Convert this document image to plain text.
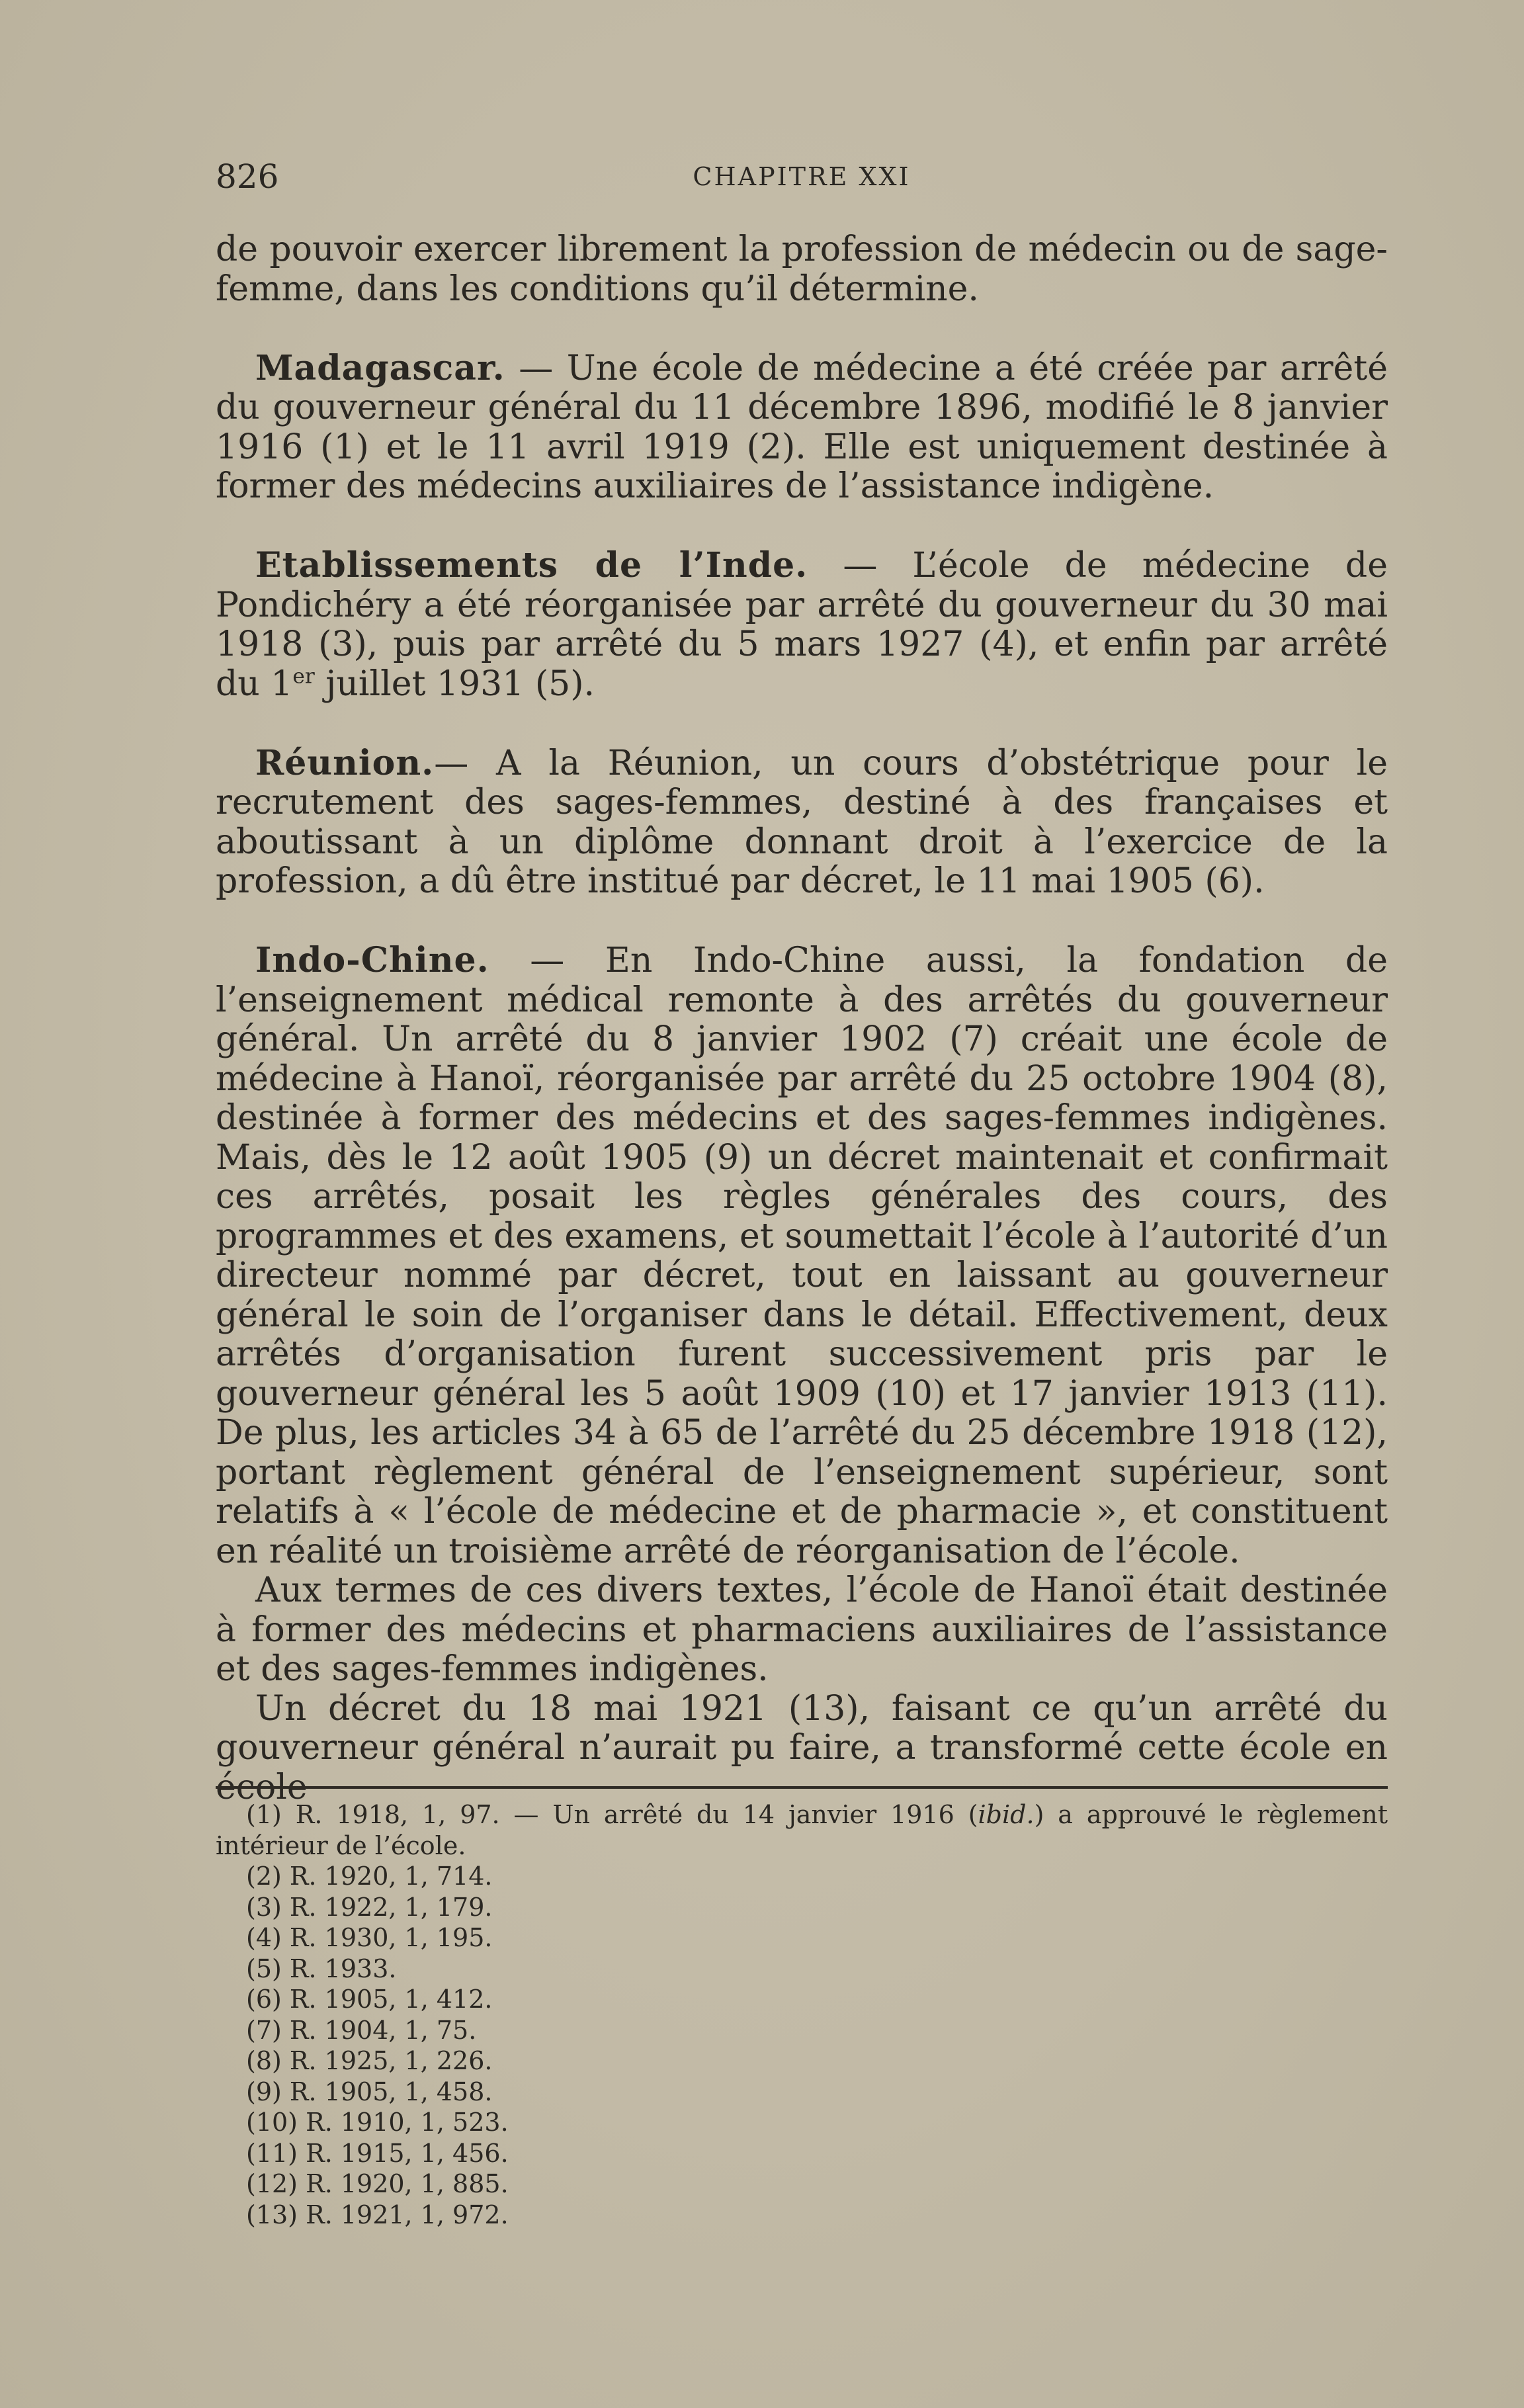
826	CHAPITRE XXI

de pouvoir exercer librement la profession de médecin ou de sage-femme, dans les conditions qu’il détermine.

Madagascar. — Une école de médecine a été créée par arrêté du gouverneur général du 11 décembre 1896, modifié le 8 janvier 1916 (1) et le 11 avril 1919 (2). Elle est uniquement destinée à former des médecins auxiliaires de l’assistance indigène.

Etablissements de l’Inde. — L’école de médecine de Pondichéry a été réorganisée par arrêté du gouverneur du 30 mai 1918 (3), puis par arrêté du 5 mars 1927 (4), et enfin par arrêté du 1er juillet 1931 (5).

Réunion.— A la Réunion, un cours d’obstétrique pour le recrutement des sages-femmes, destiné à des françaises et aboutissant à un diplôme donnant droit à l’exercice de la profession, a dû être institué par décret, le 11 mai 1905 (6).

Indo-Chine. — En Indo-Chine aussi, la fondation de l’enseignement médical remonte à des arrêtés du gouverneur général. Un arrêté du 8 janvier 1902 (7) créait une école de médecine à Hanoï, réorganisée par arrêté du 25 octobre 1904 (8), destinée à former des médecins et des sages-femmes indigènes. Mais, dès le 12 août 1905 (9) un décret maintenait et confirmait ces arrêtés, posait les règles générales des cours, des programmes et des examens, et soumettait l’école à l’autorité d’un directeur nommé par décret, tout en laissant au gouverneur général le soin de l’organiser dans le détail. Effectivement, deux arrêtés d’organisation furent successivement pris par le gouverneur général les 5 août 1909 (10) et 17 janvier 1913 (11). De plus, les articles 34 à 65 de l’arrêté du 25 décembre 1918 (12), portant règlement général de l’enseignement supérieur, sont relatifs à « l’école de médecine et de pharmacie », et constituent en réalité un troisième arrêté de réorganisation de l’école.

Aux termes de ces divers textes, l’école de Hanoï était destinée à former des médecins et pharmaciens auxiliaires de l’assistance et des sages-femmes indigènes.

Un décret du 18 mai 1921 (13), faisant ce qu’un arrêté du gouverneur général n’aurait pu faire, a transformé cette école en école

(1) R. 1918, 1, 97. — Un arrêté du 14 janvier 1916 (ibid.) a approuvé le règlement intérieur de l’école.

(2) R. 1920, 1, 714.

(3) R. 1922, 1, 179.

(4) R. 1930, 1, 195.

(5) R. 1933.

(6) R. 1905, 1, 412.

(7) R. 1904, 1, 75.

(8) R. 1925, 1, 226.

(9) R. 1905, 1, 458.

(10) R. 1910, 1, 523.

(11) R. 1915, 1, 456.

(12) R. 1920, 1, 885.

(13) R. 1921, 1, 972.
